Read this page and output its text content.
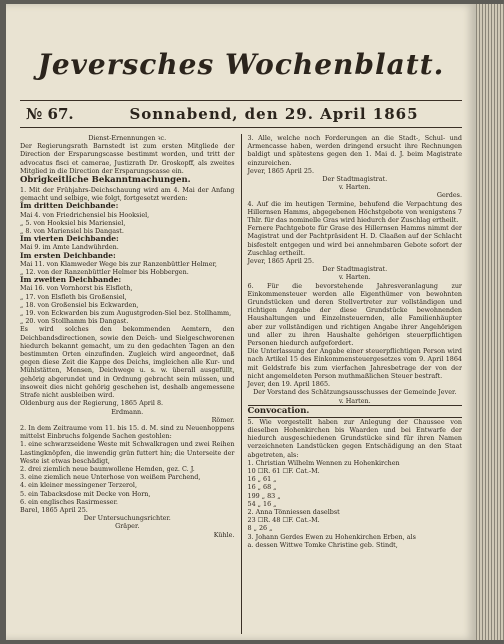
Jeversches Wochenblatt.
№ 67.	Sonnabend, den 29. April 1865

Dienst-Ernennungen ꝛc.

Der Regierungsrath Barnstedt ist zum ersten Mitgliede der Direction der Ersparungscasse bestimmt worden, und tritt der advocatus fisci et camerae, Justizrath Dr. Groskopff, als zweites Mitglied in die Direction der Ersparungscasse ein.

Obrigkeitliche Bekanntmachungen.

1. Mit der Frühjahrs-Deichschauung wird am 4. Mai der Anfang gemacht und selbige, wie folgt, fortgesetzt werden:

Im dritten Deichbande:

Mai 4. von Friedrichensiel bis Hooksiel,

„ 5. von Hooksiel bis Mariensiel,

„ 8. von Mariensiel bis Dangast.

Im vierten Deichbande:

Mai 9. im Amte Landwührden.

Im ersten Deichbande:

Mai 11. von Klamweder Wege bis zur Ranzenbüttler Helmer,

„ 12. von der Ranzenbüttler Helmer bis Hobbergen.

Im zweiten Deichbande:

Mai 16. von Vornhorst bis Elsfleth,

„ 17. von Elsfleth bis Großensiel,

„ 18. von Großensiel bis Eckwarden,

„ 19. von Eckwarden bis zum Augustgroden-Siel bez. Stollhamm,

„ 20. von Stollhamm bis Dangast.

Es wird solches den bekommenden Aemtern, den Deichbandsdirectionen, sowie den Deich- und Sielgeschworenen hiedurch bekannt gemacht, um zu den gedachten Tagen an den bestimmten Orten einzufinden. Zugleich wird angeordnet, daß gegen diese Zeit die Kappe des Deichs, imgleichen alle Kur- und Mühlstätten, Mensen, Deichwege u. s. w. überall ausgefüllt, gehörig abgerundet und in Ordnung gebracht sein müssen, und insoweit dies nicht gehörig geschehen ist, deshalb angemessene Strafe nicht ausbleiben wird.

Oldenburg aus der Regierung, 1865 April 8.

Erdmann.

Römer.

2. In dem Zeitraume vom 11. bis 15. d. M. sind zu Neuenhoppens mittelst Einbruchs folgende Sachen gestohlen:

1. eine schwarzseidene Weste mit Schwalkragen und zwei Reihen Lastingknöpfen, die inwendig grün futtert hin; die Unterseite der Weste ist etwas beschädigt,

2. drei ziemlich neue baumwollene Hemden, gez. C. J.

3. eine ziemlich neue Unterhose von weißem Parchend,

4. ein kleiner messingener Terzerol,

5. ein Tabacksdose mit Decke von Horn,

6. ein englisches Rasirmesser.

Barel, 1865 April 25.

Der Untersuchungsrichter.

Gräper.

Kühle.

3. Alle, welche noch Forderungen an die Stadt-, Schul- und Armencasse haben, werden dringend ersucht ihre Rechnungen baldigt und spätestens gegen den 1. Mai d. J. beim Magistrate einzureichen.

Jever, 1865 April 25.

Der Stadtmagistrat.

v. Harten.

Gerdes.

4. Auf die im heutigen Termine, behufend die Verpachtung des Hillernsen Hamms, abgegebenen Höchstgebote von wenigstens 7 Thlr. für das nominelle Gras wird hiedurch der Zuschlag ertheilt.

Fernere Pachtgebote für Grase des Hillernsen Hamms nimmt der Magistrat und der Pachtpräsident H. D. Claaßen auf der Schlacht bisfestelt entgegen und wird bei annehmbaren Gebote sofort der Zuschlag ertheilt.

Jever, 1865 April 25.

Der Stadtmagistrat.

v. Harten.

6. Für die bevorstehende Jahresveranlagung zur Einkommensteuer werden alle Eigenthümer von bewohnten Grundstücken und deren Stellvertreter zur vollständigen und richtigen Angabe der diese Grundstücke bewohnenden Haushaltungen und Einzelnsteuernden, alle Familienhäupter aber zur vollständigen und richtigen Angabe ihrer Angehörigen und aller zu ihren Haushalte gehörigen steuerpflichtigen Personen hiedurch aufgefordert.

Die Unterlassung der Angabe einer steuerpflichtigen Person wird nach Artikel 15 des Einkommensteuergesetzes vom 9. April 1864 mit Geldstrafe bis zum vierfachen Jahresbetrage der von der nicht angemeldeten Person muthmaßlichen Steuer bestraft.

Jever, den 19. April 1865.

Der Vorstand des Schätzungsausschusses der Gemeinde Jever.

v. Harten.

Convocation.

5. Wie vorgestellt haben zur Anlegung der Chaussee von dieselben Hohenkirchen bis Waarden und bei Entwarfe der hiedurch ausgeschiedenen Grundstücke sind für ihren Namen verzeichneten Landstücken gegen Entschädigung an den Staat abgetreten, als:

1. Christian Wilhelm Wennen zu Hohenkirchen

10 ☐R. 61 ☐F. Cat.-M.

16 „ 61 „

16 „ 68 „

199 „ 83 „

54 „ 16 „

2. Anna Tönniessen daselbst

23 ☐R. 48 ☐F. Cat.-M.

8 „ 26 „

3. Johann Gerdes Ewen zu Hohenkirchen Erben, als

a. dessen Wittwe Tomke Christine geb. Stindt,
